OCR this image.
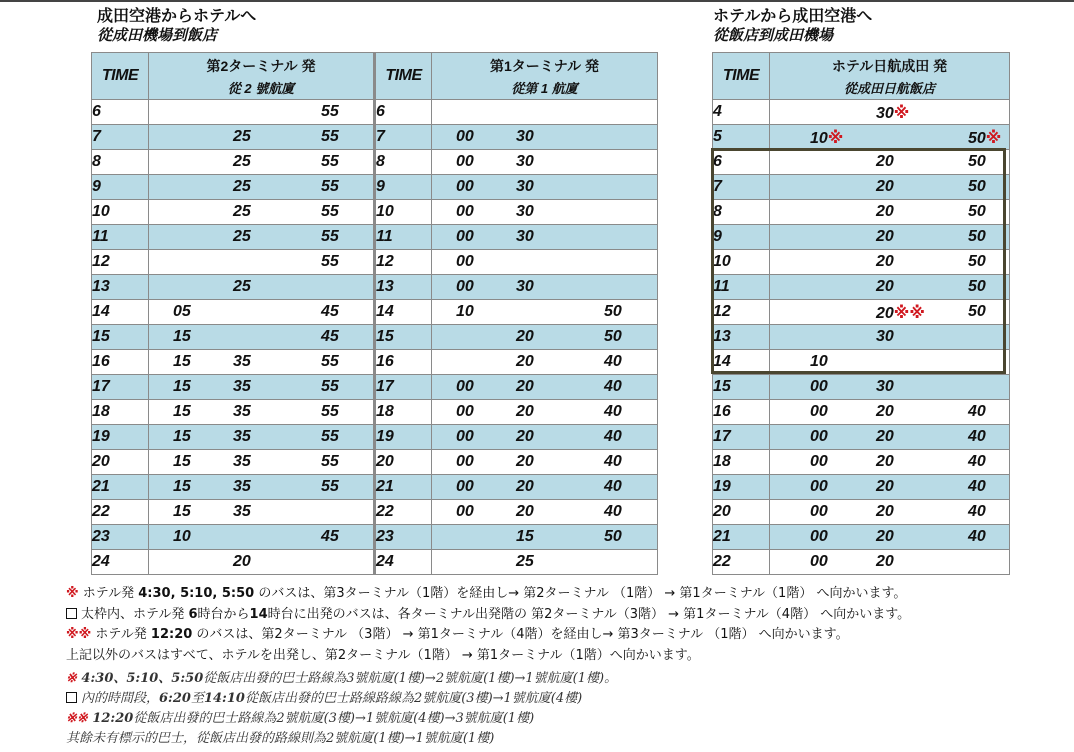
成田空港からホテルへ
從成田機場到飯店
ホテルから成田空港へ
從飯店到成田機場
TIME	第2ターミナル 発
從 2 號航廈	TIME	第1ターミナル 発
從第 1 航廈

6	55	6	
7	25 55	7	00 30

8	25 55	8	00 30

9	25 55	9	00 30

10	25 55	10	00 30

11	25 55	11	00 30

12	55	12	00

13	25	13	00 30

14	05 45	14	10 50

15	15 45	15	20 50

16	15 35 55	16	20 40

17	15 35 55	17	00 20 40

18	15 35 55	18	00 20 40

19	15 35 55	19	00 20 40

20	15 35 55	20	00 20 40

21	15 35 55	21	00 20 40

22	15 35	22	00 20 40

23	10 45	23	15 50

24	20	24	25
TIME	ホテル日航成田 発
從成田日航飯店

4	30※

5	10※ 50※

6	20 50

7	20 50

8	20 50

9	20 50

10	20 50

11	20 50

12	20※※ 50

13	30

14	10

15	00 30

16	00 20 40

17	00 20 40

18	00 20 40

19	00 20 40

20	00 20 40

21	00 20 40

22	00 20
※ ホテル発 4:30, 5:10, 5:50 のバスは、第3ターミナル（1階）を経由し→ 第2ターミナル （1階） → 第1ターミナル（1階） へ向かいます。
太枠内、ホテル発 6時台から14時台に出発のバスは、各ターミナル出発階の 第2ターミナル（3階） → 第1ターミナル（4階） へ向かいます。
※※ ホテル発 12:20 のバスは、第2ターミナル （3階） → 第1ターミナル（4階）を経由し→ 第3ターミナル （1階） へ向かいます。
上記以外のバスはすべて、ホテルを出発し、第2ターミナル（1階） → 第1ターミナル（1階）へ向かいます。
※ 4:30、5:10、5:50從飯店出發的巴士路線為3號航廈(1樓)→2號航廈(1樓)→1號航廈(1樓)。
內的時間段，6:20至14:10從飯店出發的巴士路線路線為2號航廈(3樓)→1號航廈(4樓)
※※ 12:20從飯店出發的巴士路線為2號航廈(3樓)→1號航廈(4樓)→3號航廈(1樓)
其餘未有標示的巴士，從飯店出發的路線則為2號航廈(1樓)→1號航廈(1樓)
